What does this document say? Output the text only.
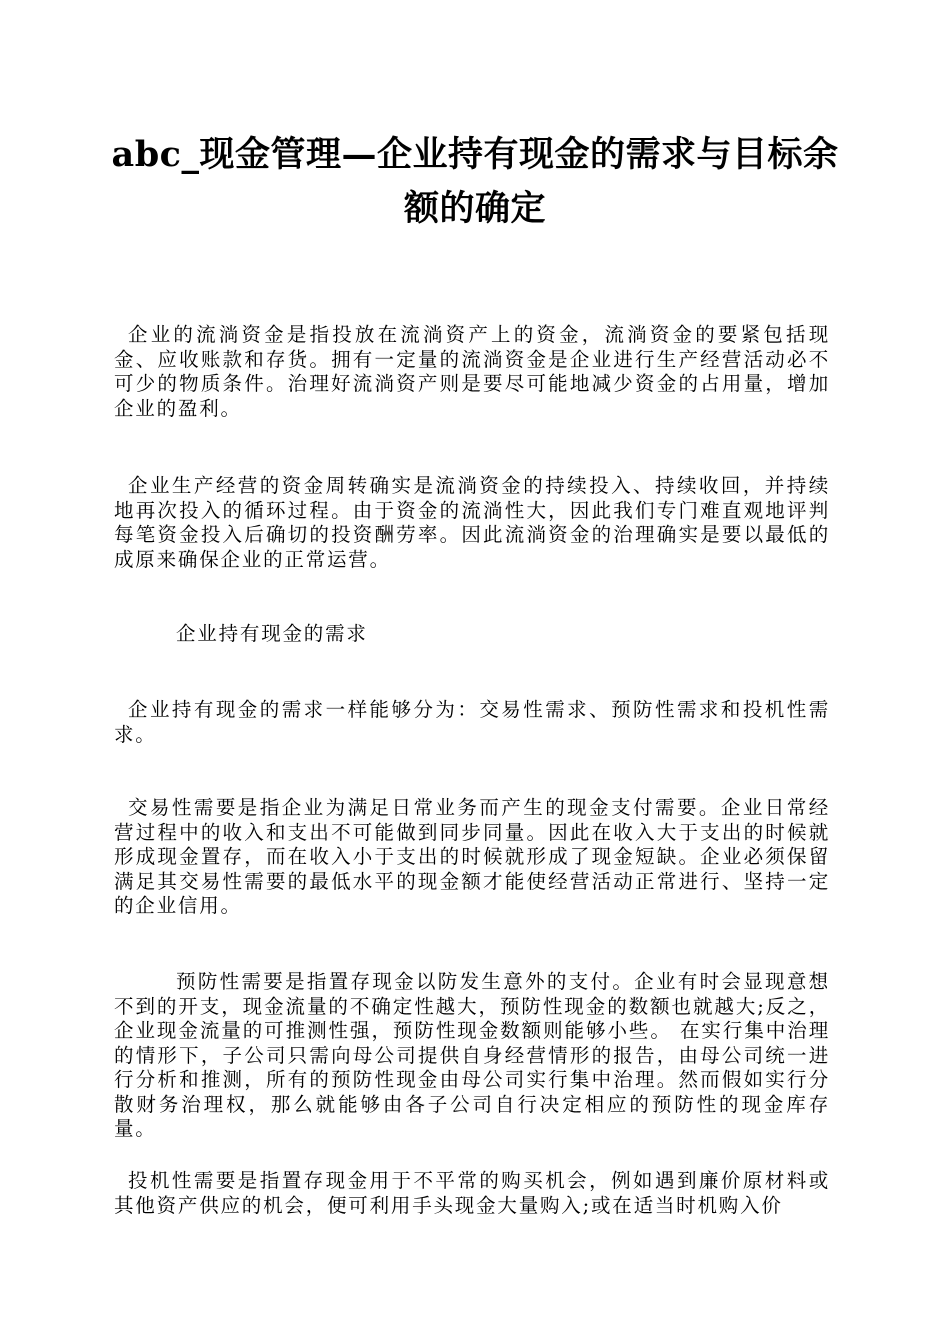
abc_现金管理—企业持有现金的需求与目标余额的确定

企业的流淌资金是指投放在流淌资产上的资金，流淌资金的要紧包括现金、应收账款和存货。拥有一定量的流淌资金是企业进行生产经营活动必不可少的物质条件。治理好流淌资产则是要尽可能地减少资金的占用量，增加企业的盈利。

企业生产经营的资金周转确实是流淌资金的持续投入、持续收回，并持续地再次投入的循环过程。由于资金的流淌性大，因此我们专门难直观地评判每笔资金投入后确切的投资酬劳率。因此流淌资金的治理确实是要以最低的成原来确保企业的正常运营。

企业持有现金的需求

企业持有现金的需求一样能够分为：交易性需求、预防性需求和投机性需求。

交易性需要是指企业为满足日常业务而产生的现金支付需要。企业日常经营过程中的收入和支出不可能做到同步同量。因此在收入大于支出的时候就形成现金置存，而在收入小于支出的时候就形成了现金短缺。企业必须保留满足其交易性需要的最低水平的现金额才能使经营活动正常进行、坚持一定的企业信用。

预防性需要是指置存现金以防发生意外的支付。企业有时会显现意想不到的开支，现金流量的不确定性越大，预防性现金的数额也就越大;反之，企业现金流量的可推测性强，预防性现金数额则能够小些。 在实行集中治理的情形下，子公司只需向母公司提供自身经营情形的报告，由母公司统一进行分析和推测，所有的预防性现金由母公司实行集中治理。然而假如实行分散财务治理权，那么就能够由各子公司自行决定相应的预防性的现金库存量。

投机性需要是指置存现金用于不平常的购买机会，例如遇到廉价原材料或其他资产供应的机会，便可利用手头现金大量购入;或在适当时机购入价
